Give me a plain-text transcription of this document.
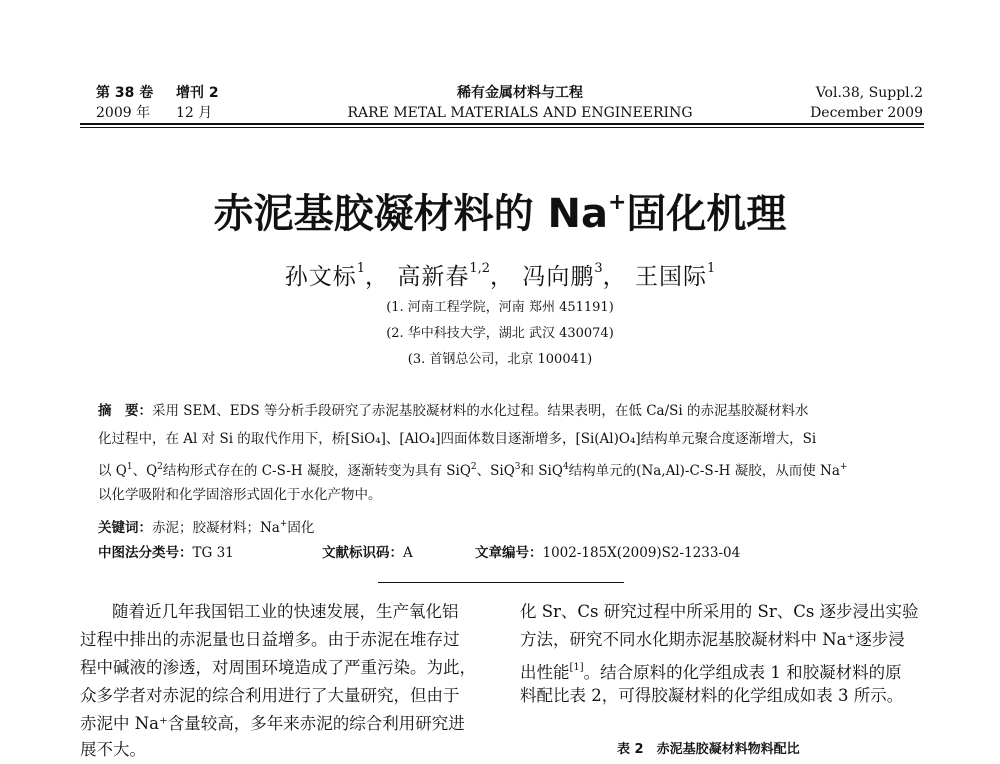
第 38 卷 增刊 2
2009 年 12 月
稀有金属材料与工程
RARE METAL MATERIALS AND ENGINEERING
Vol.38, Suppl.2
December 2009
赤泥基胶凝材料的 Na+固化机理
孙文标$^1$， 高新春$^{1,2}$， 冯向鹏$^3$， 王国际$^1$
(1. 河南工程学院，河南 郑州 451191)
(2. 华中科技大学，湖北 武汉 430074)
(3. 首钢总公司，北京 100041)
摘　要：采用 SEM、EDS 等分析手段研究了赤泥基胶凝材料的水化过程。结果表明，在低 Ca/Si 的赤泥基胶凝材料水
化过程中，在 Al 对 Si 的取代作用下，桥[SiO₄]、[AlO₄]四面体数目逐渐增多，[Si(Al)O₄]结构单元聚合度逐渐增大，Si
以 $Q^1$、$Q^2$结构形式存在的 C-S-H 凝胶，逐渐转变为具有 SiQ$^2$、SiQ$^3$和 SiQ$^4$结构单元的(Na,Al)-C-S-H 凝胶，从而使 Na+
以化学吸附和化学固溶形式固化于水化产物中。
关键词：赤泥；胶凝材料；Na+固化
中图法分类号：TG 31	文献标识码：A	文章编号：1002-185X(2009)S2-1233-04
随着近几年我国铝工业的快速发展，生产氧化铝
过程中排出的赤泥量也日益增多。由于赤泥在堆存过
程中碱液的渗透，对周围环境造成了严重污染。为此，
众多学者对赤泥的综合利用进行了大量研究，但由于
赤泥中 Na⁺含量较高，多年来赤泥的综合利用研究进
展不大。
化 Sr、Cs 研究过程中所采用的 Sr、Cs 逐步浸出实验
方法，研究不同水化期赤泥基胶凝材料中 Na⁺逐步浸
出性能[1]。结合原料的化学组成表 1 和胶凝材料的原
料配比表 2，可得胶凝材料的化学组成如表 3 所示。
表 2　赤泥基胶凝材料物料配比
